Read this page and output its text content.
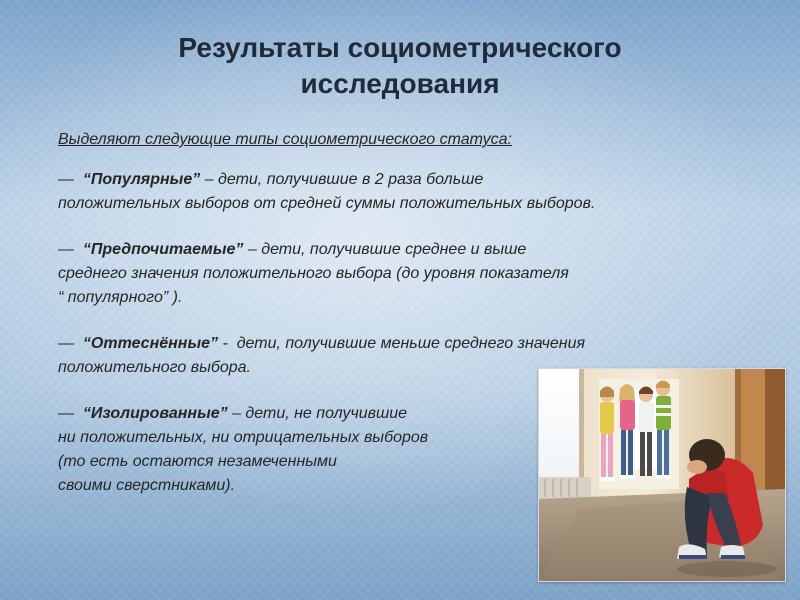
Результаты социометрического
исследования
Выделяют следующие типы социометрического статуса:
— “Популярные” – дети, получившие в 2 раза больше
положительных выборов от средней суммы положительных выборов.
— “Предпочитаемые” – дети, получившие среднее и выше
среднего значения положительного выбора (до уровня показателя
“ популярного” ).
— “Оттеснённые” -  дети, получившие меньше среднего значения
положительного выбора.
— “Изолированные” – дети, не получившие
ни положительных, ни отрицательных выборов
(то есть остаются незамеченными
своими сверстниками).
